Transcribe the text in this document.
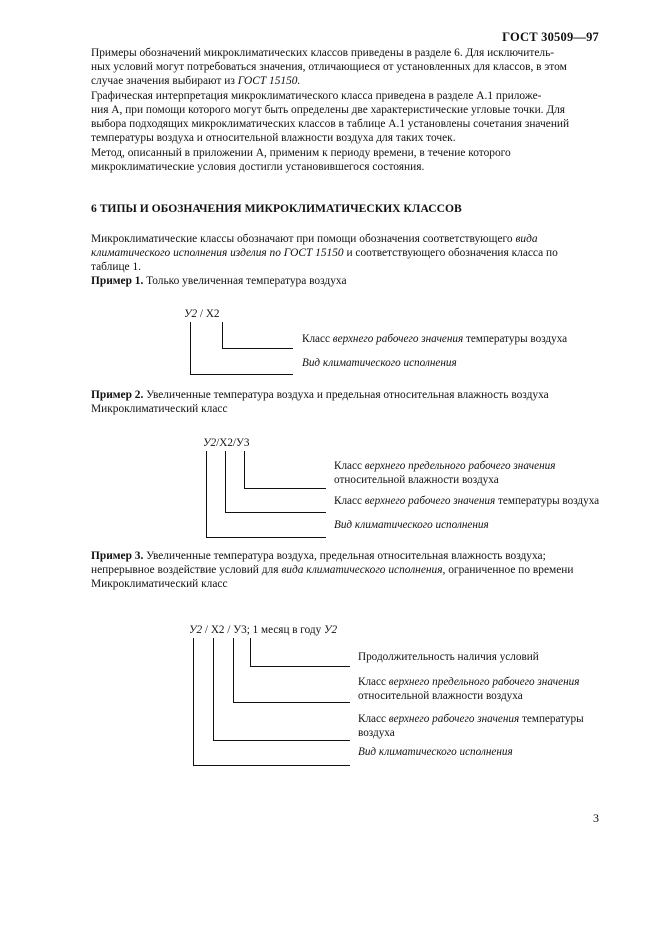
ГОСТ 30509—97
Примеры обозначений микроклиматических классов приведены в разделе 6. Для исключитель-
ных условий могут потребоваться значения, отличающиеся от установленных для классов, в этом
случае значения выбирают из ГОСТ 15150.
Графическая интерпретация микроклиматического класса приведена в разделе А.1 приложе-
ния А, при помощи которого могут быть определены две характеристические угловые точки. Для
выбора подходящих микроклиматических классов в таблице А.1 установлены сочетания значений
температуры воздуха и относительной влажности воздуха для таких точек.
Метод, описанный в приложении А, применим к периоду времени, в течение которого
микроклиматические условия достигли установившегося состояния.
6 ТИПЫ И ОБОЗНАЧЕНИЯ МИКРОКЛИМАТИЧЕСКИХ КЛАССОВ
Микроклиматические классы обозначают при помощи обозначения соответствующего вида
климатического исполнения изделия по ГОСТ 15150 и соответствующего обозначения класса по
таблице 1.
Пример 1. Только увеличенная температура воздуха
У2 / Х2
Класс верхнего рабочего значения температуры воздуха
Вид климатического исполнения
Пример 2. Увеличенные температура воздуха и предельная относительная влажность воздуха
Микроклиматический класс
У2/Х2/У3
Класс верхнего предельного рабочего значения
относительной влажности воздуха
Класс верхнего рабочего значения температуры воздуха
Вид климатического исполнения
Пример 3. Увеличенные температура воздуха, предельная относительная влажность воздуха;
непрерывное воздействие условий для вида климатического исполнения, ограниченное по времени
Микроклиматический класс
У2 / Х2 / У3; 1 месяц в году У2
Продолжительность наличия условий
Класс верхнего предельного рабочего значения
относительной влажности воздуха
Класс верхнего рабочего значения температуры
воздуха
Вид климатического исполнения
3
